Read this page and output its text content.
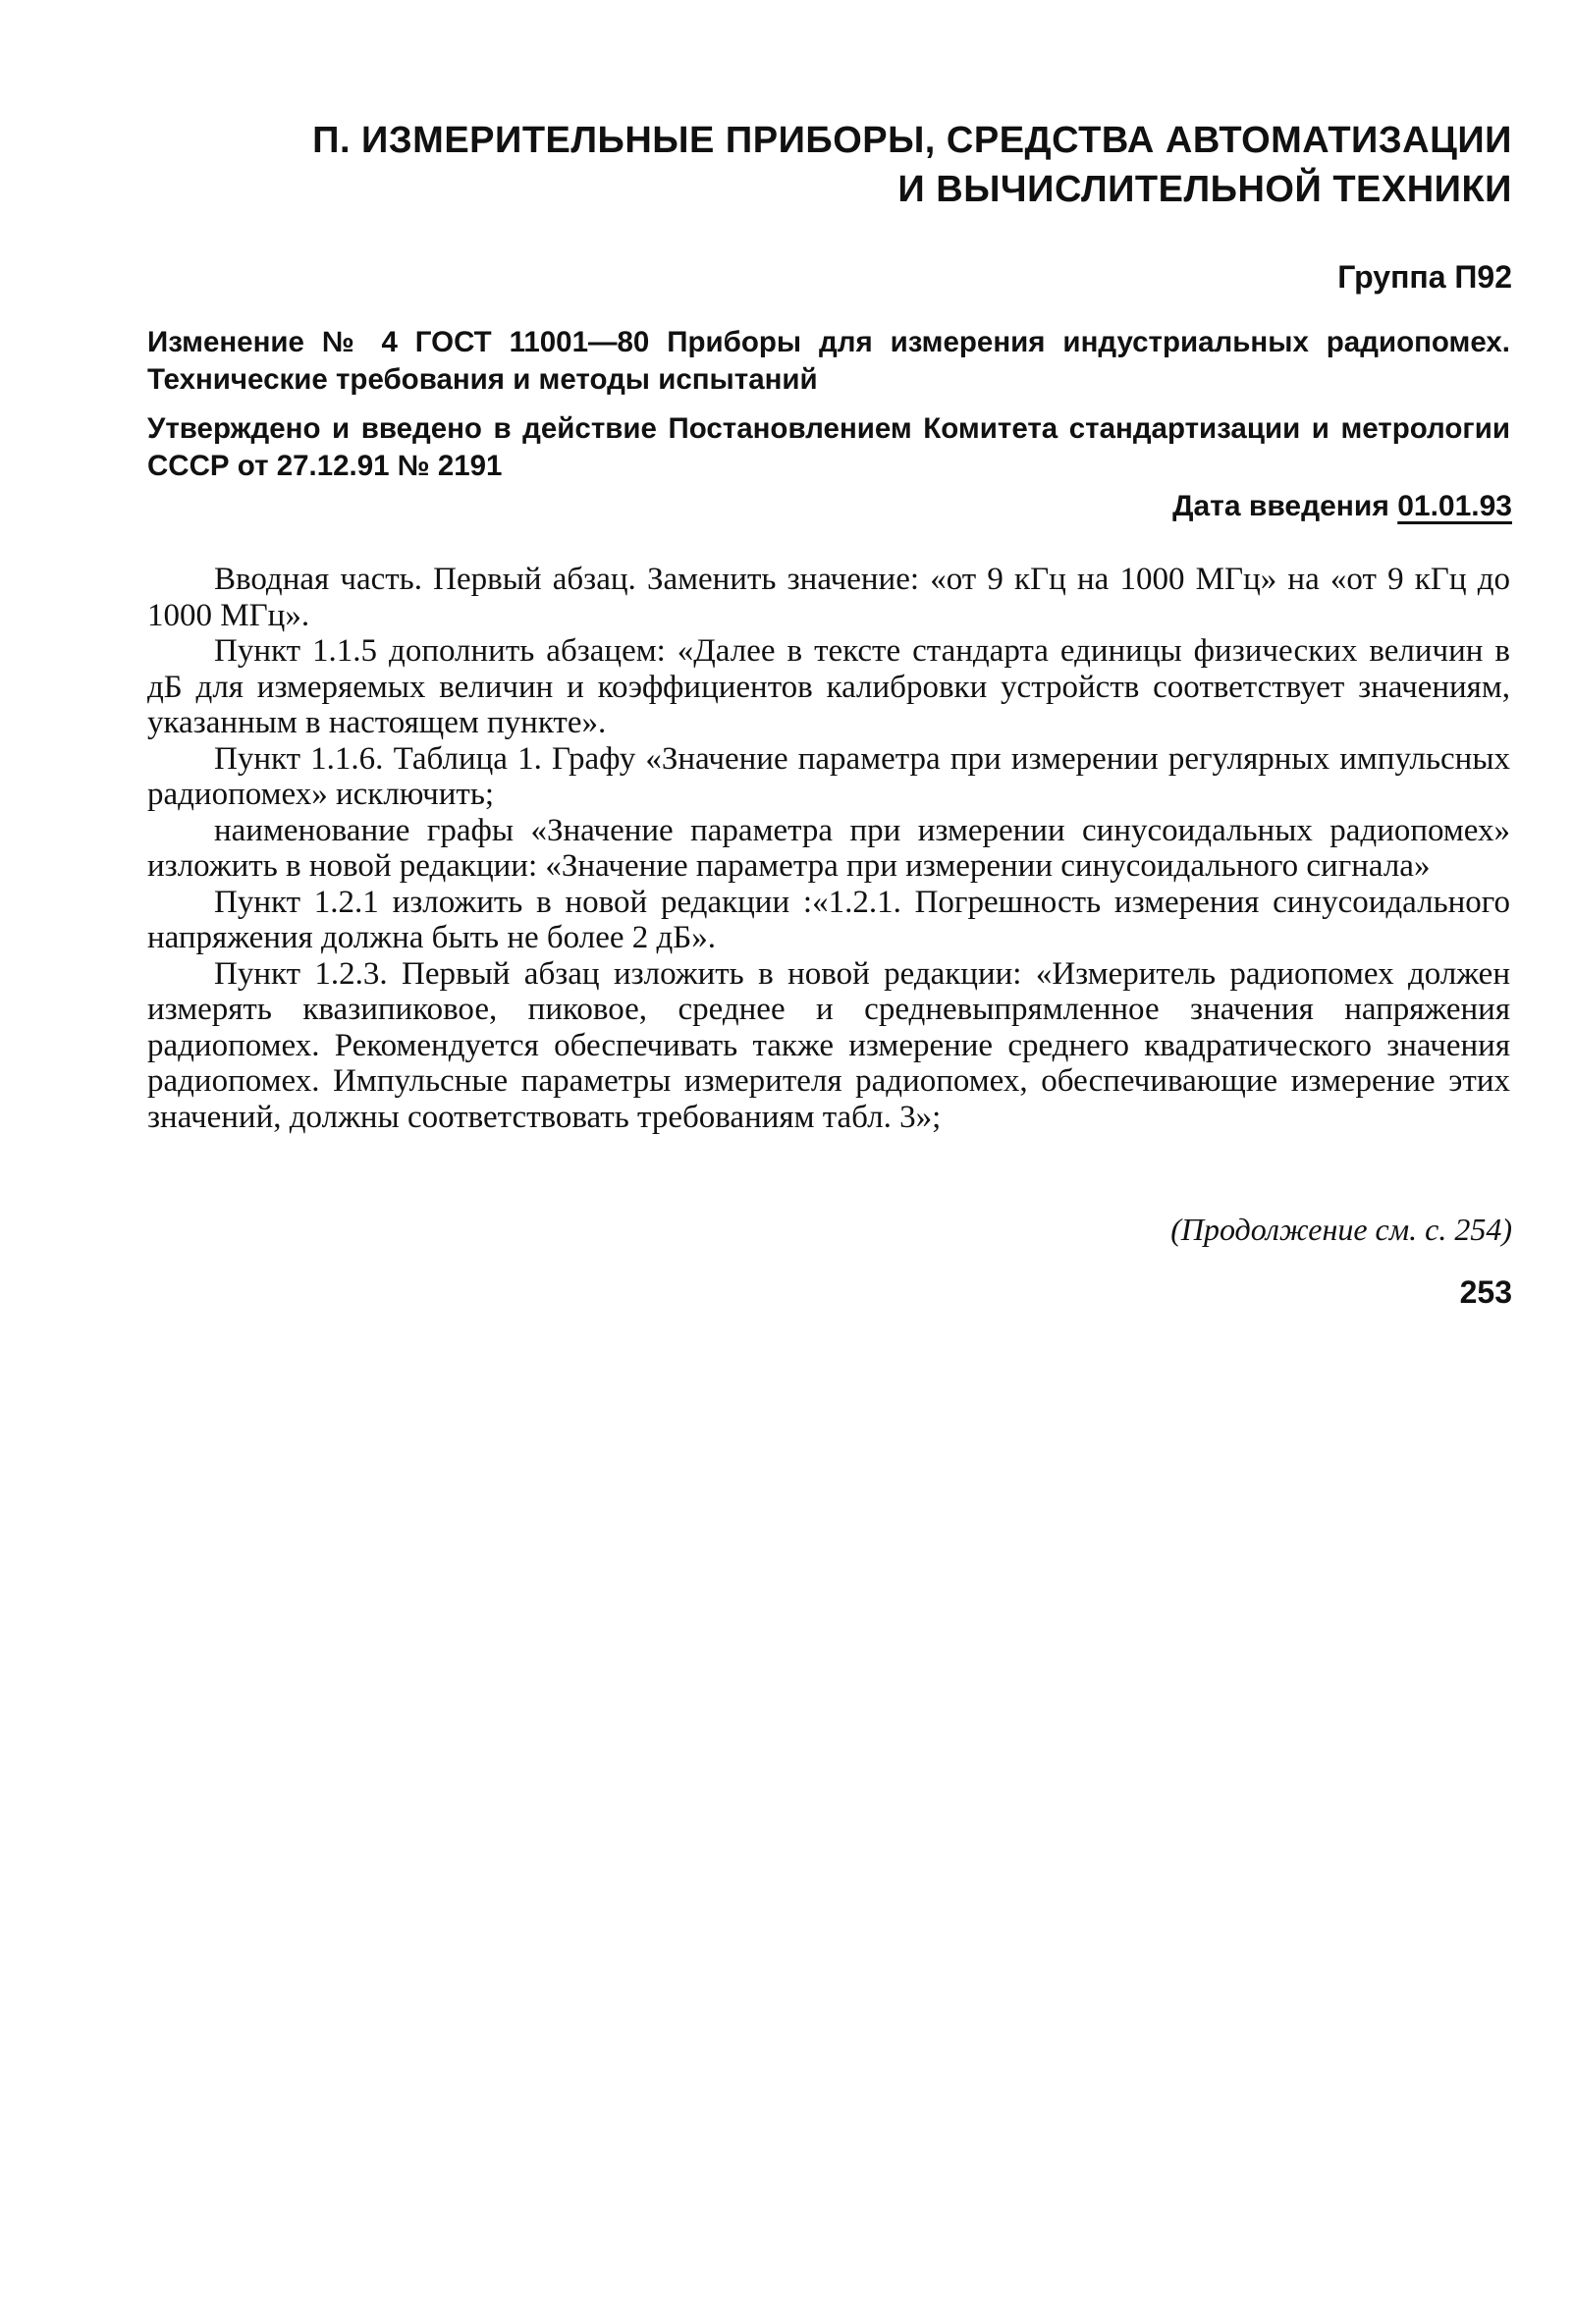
П. ИЗМЕРИТЕЛЬНЫЕ ПРИБОРЫ, СРЕДСТВА АВТОМАТИЗАЦИИ
И ВЫЧИСЛИТЕЛЬНОЙ ТЕХНИКИ
Группа П92
Изменение № 4 ГОСТ 11001—80 Приборы для измерения индустриальных радиопомех. Технические требования и методы испытаний
Утверждено и введено в действие Постановлением Комитета стандартизации и метрологии СССР от 27.12.91 № 2191
Дата введения 01.01.93

Вводная часть. Первый абзац. Заменить значение: «от 9 кГц на 1000 МГц» на «от 9 кГц до 1000 МГц».

Пункт 1.1.5 дополнить абзацем: «Далее в тексте стандарта единицы физических величин в дБ для измеряемых величин и коэффициентов калибровки устройств соответствует значениям, указанным в настоящем пункте».

Пункт 1.1.6. Таблица 1. Графу «Значение параметра при измерении регулярных импульсных радиопомех» исключить;

наименование графы «Значение параметра при измерении синусоидальных радиопомех» изложить в новой редакции: «Значение параметра при измерении синусоидального сигнала»

Пункт 1.2.1 изложить в новой редакции :«1.2.1. Погрешность измерения синусоидального напряжения должна быть не более 2 дБ».

Пункт 1.2.3. Первый абзац изложить в новой редакции: «Измеритель радиопомех должен измерять квазипиковое, пиковое, среднее и средневыпрямленное значения напряжения радиопомех. Рекомендуется обеспечивать также измерение среднего квадратического значения радиопомех. Импульсные параметры измерителя радиопомех, обеспечивающие измерение этих значений, должны соответствовать требованиям табл. 3»;

(Продолжение см. с. 254)
253
